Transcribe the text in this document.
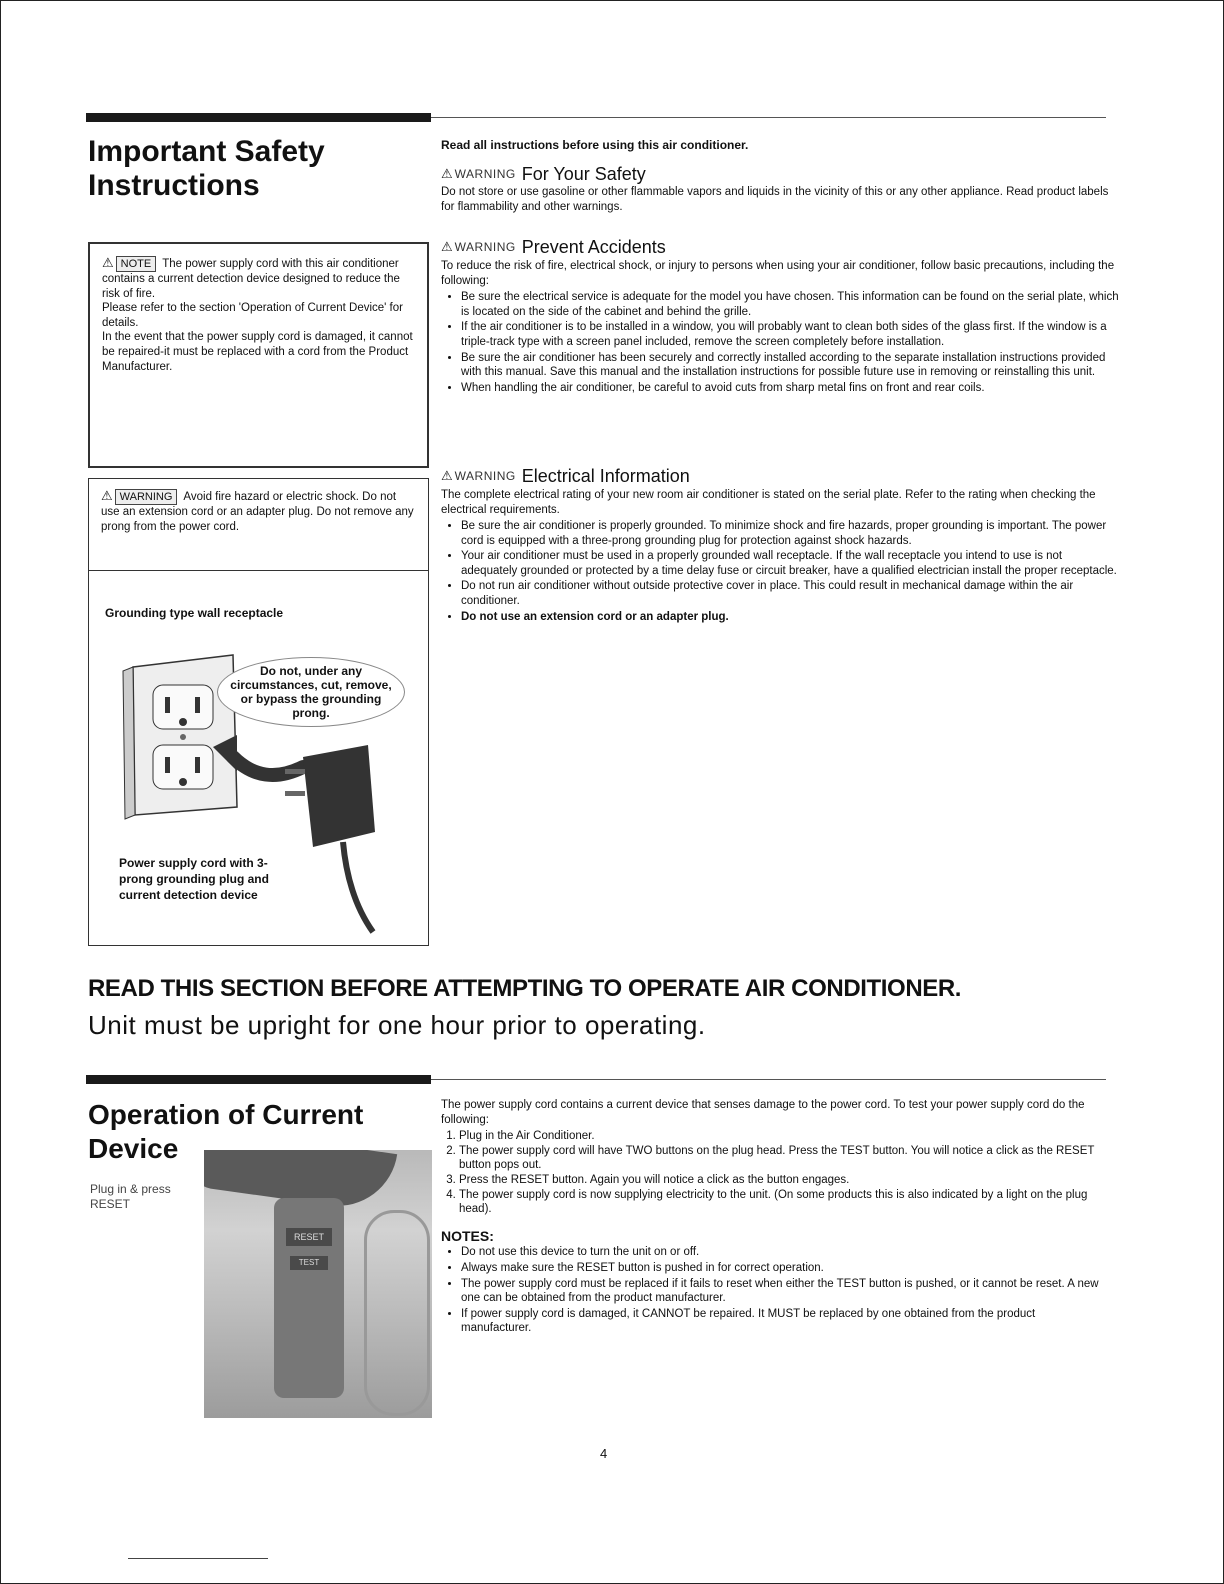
Important Safety Instructions
⚠ NOTE The power supply cord with this air conditioner contains a current detection device designed to reduce the risk of fire.
Please refer to the section 'Operation of Current Device' for details.
In the event that the power supply cord is damaged, it cannot be repaired-it must be replaced with a cord from the Product Manufacturer.
⚠ WARNING Avoid fire hazard or electric shock. Do not use an extension cord or an adapter plug. Do not remove any prong from the power cord.
Grounding type wall receptacle
Do not, under any circumstances, cut, remove, or bypass the grounding prong.
Power supply cord with 3-prong grounding plug and current detection device

Read all instructions before using this air conditioner.

⚠ WARNING For Your Safety

Do not store or use gasoline or other flammable vapors and liquids in the vicinity of this or any other appliance. Read product labels for flammability and other warnings.

⚠ WARNING Prevent Accidents

To reduce the risk of fire, electrical shock, or injury to persons when using your air conditioner, follow basic precautions, including the following:

• Be sure the electrical service is adequate for the model you have chosen. This information can be found on the serial plate, which is located on the side of the cabinet and behind the grille.
• If the air conditioner is to be installed in a window, you will probably want to clean both sides of the glass first. If the window is a triple-track type with a screen panel included, remove the screen completely before installation.
• Be sure the air conditioner has been securely and correctly installed according to the separate installation instructions provided with this manual. Save this manual and the installation instructions for possible future use in removing or reinstalling this unit.
• When handling the air conditioner, be careful to avoid cuts from sharp metal fins on front and rear coils.
⚠ WARNING Electrical Information

The complete electrical rating of your new room air conditioner is stated on the serial plate. Refer to the rating when checking the electrical requirements.

• Be sure the air conditioner is properly grounded. To minimize shock and fire hazards, proper grounding is important. The power cord is equipped with a three-prong grounding plug for protection against shock hazards.
• Your air conditioner must be used in a properly grounded wall receptacle. If the wall receptacle you intend to use is not adequately grounded or protected by a time delay fuse or circuit breaker, have a qualified electrician install the proper receptacle.
• Do not run air conditioner without outside protective cover in place. This could result in mechanical damage within the air conditioner.
• Do not use an extension cord or an adapter plug.
READ THIS SECTION BEFORE ATTEMPTING TO OPERATE AIR CONDITIONER.
Unit must be upright for one hour prior to operating.
Operation of Current Device
Plug in & press RESET
RESET
TEST

The power supply cord contains a current device that senses damage to the power cord. To test your power supply cord do the following:

1. Plug in the Air Conditioner.
2. The power supply cord will have TWO buttons on the plug head. Press the TEST button. You will notice a click as the RESET button pops out.
3. Press the RESET button. Again you will notice a click as the button engages.
4. The power supply cord is now supplying electricity to the unit. (On some products this is also indicated by a light on the plug head).
NOTES:
• Do not use this device to turn the unit on or off.
• Always make sure the RESET button is pushed in for correct operation.
• The power supply cord must be replaced if it fails to reset when either the TEST button is pushed, or it cannot be reset. A new one can be obtained from the product manufacturer.
• If power supply cord is damaged, it CANNOT be repaired. It MUST be replaced by one obtained from the product manufacturer.
4
